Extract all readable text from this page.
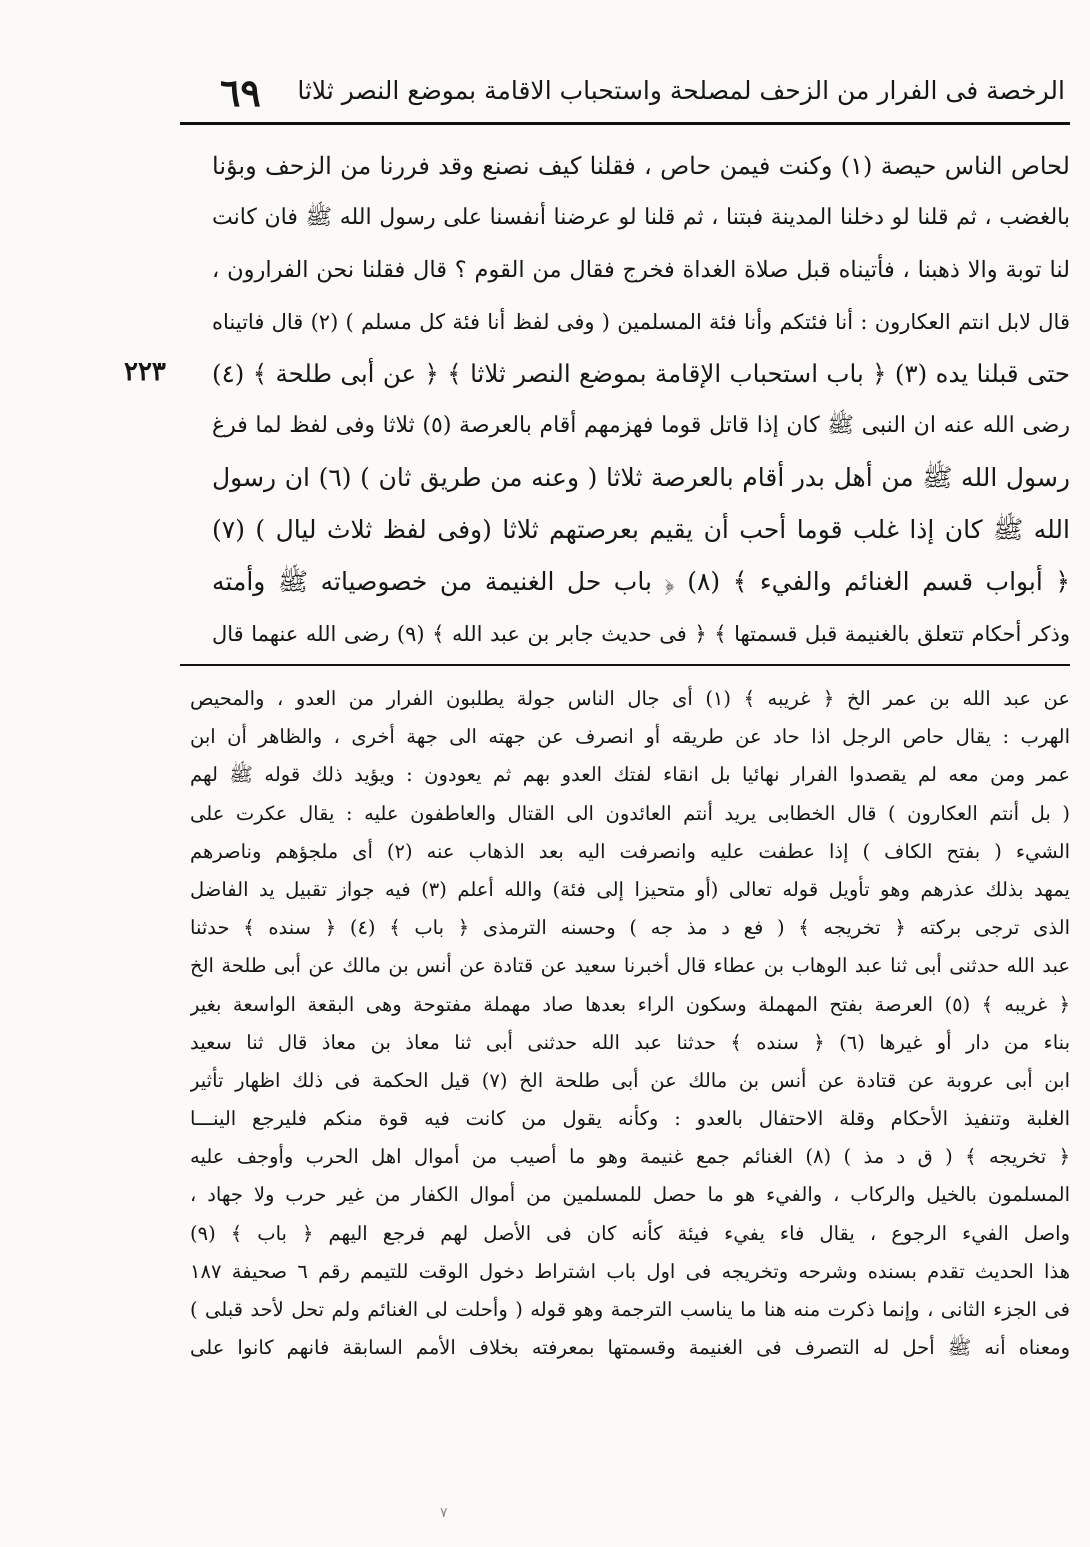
٦٩ الرخصة فى الفرار من الزحف لمصلحة واستحباب الاقامة بموضع النصر ثلاثا
٢٢٣
لحاص الناس حيصة (١) وكنت فيمن حاص ، فقلنا كيف نصنع وقد فررنا من الزحف وبؤنا
بالغضب ، ثم قلنا لو دخلنا المدينة فبتنا ، ثم قلنا لو عرضنا أنفسنا على رسول الله ﷺ فان كانت
لنا توبة والا ذهبنا ، فأتيناه قبل صلاة الغداة فخرج فقال من القوم ؟ قال فقلنا نحن الفرارون ،
قال لابل انتم العكارون : أنا فئتكم وأنا فئة المسلمين ( وفى لفظ أنا فئة كل مسلم ) (٢) قال فاتيناه
حتى قبلنا يده (٣) ﴿ باب استحباب الإقامة بموضع النصر ثلاثا ﴾ ﴿ عن أبى طلحة ﴾ (٤)
رضى الله عنه ان النبى ﷺ كان إذا قاتل قوما فهزمهم أقام بالعرصة (٥) ثلاثا وفى لفظ لما فرغ
رسول الله ﷺ من أهل بدر أقام بالعرصة ثلاثا ( وعنه من طريق ثان ) (٦) ان رسول
الله ﷺ كان إذا غلب قوما أحب أن يقيم بعرصتهم ثلاثا (وفى لفظ ثلاث ليال ) (٧)
﴿ أبواب قسم الغنائم والفيء ﴾ (٨) ﴿ باب حل الغنيمة من خصوصياته ﷺ وأمته
وذكر أحكام تتعلق بالغنيمة قبل قسمتها ﴾ ﴿ فى حديث جابر بن عبد الله ﴾ (٩) رضى الله عنهما قال
عن عبد الله بن عمر الخ ﴿ غريبه ﴾ (١) أى جال الناس جولة يطلبون الفرار من العدو ، والمحيص
الهرب : يقال حاص الرجل اذا حاد عن طريقه أو انصرف عن جهته الى جهة أخرى ، والظاهر أن ابن
عمر ومن معه لم يقصدوا الفرار نهائيا بل انقاء لفتك العدو بهم ثم يعودون : ويؤيد ذلك قوله ﷺ لهم
( بل أنتم العكارون ) قال الخطابى يريد أنتم العائدون الى القتال والعاطفون عليه : يقال عكرت على
الشيء ( بفتح الكاف ) إذا عطفت عليه وانصرفت اليه بعد الذهاب عنه (٢) أى ملجؤهم وناصرهم
يمهد بذلك عذرهم وهو تأويل قوله تعالى (أو متحيزا إلى فئة) والله أعلم (٣) فيه جواز تقبيل يد الفاضل
الذى ترجى بركته ﴿ تخريجه ﴾ ( فع د مذ جه ) وحسنه الترمذى ﴿ باب ﴾ (٤) ﴿ سنده ﴾ حدثنا
عبد الله حدثنى أبى ثنا عبد الوهاب بن عطاء قال أخبرنا سعيد عن قتادة عن أنس بن مالك عن أبى طلحة الخ
﴿ غريبه ﴾ (٥) العرصة بفتح المهملة وسكون الراء بعدها صاد مهملة مفتوحة وهى البقعة الواسعة بغير
بناء من دار أو غيرها (٦) ﴿ سنده ﴾ حدثنا عبد الله حدثنى أبى ثنا معاذ بن معاذ قال ثنا سعيد
ابن أبى عروبة عن قتادة عن أنس بن مالك عن أبى طلحة الخ (٧) قيل الحكمة فى ذلك اظهار تأثير
الغلبة وتنفيذ الأحكام وقلة الاحتفال بالعدو : وكأنه يقول من كانت فيه قوة منكم فليرجع الينـــا
﴿ تخريجه ﴾ ( ق د مذ ) (٨) الغنائم جمع غنيمة وهو ما أصيب من أموال اهل الحرب وأوجف عليه
المسلمون بالخيل والركاب ، والفيء هو ما حصل للمسلمين من أموال الكفار من غير حرب ولا جهاد ،
واصل الفيء الرجوع ، يقال فاء يفيء فيئة كأنه كان فى الأصل لهم فرجع اليهم ﴿ باب ﴾ (٩)
هذا الحديث تقدم بسنده وشرحه وتخريجه فى اول باب اشتراط دخول الوقت للتيمم رقم ٦ صحيفة ١٨٧
فى الجزء الثانى ، وإنما ذكرت منه هنا ما يناسب الترجمة وهو قوله ( وأحلت لى الغنائم ولم تحل لأحد قبلى )
ومعناه أنه ﷺ أحل له التصرف فى الغنيمة وقسمتها بمعرفته بخلاف الأمم السابقة فانهم كانوا على
٧
